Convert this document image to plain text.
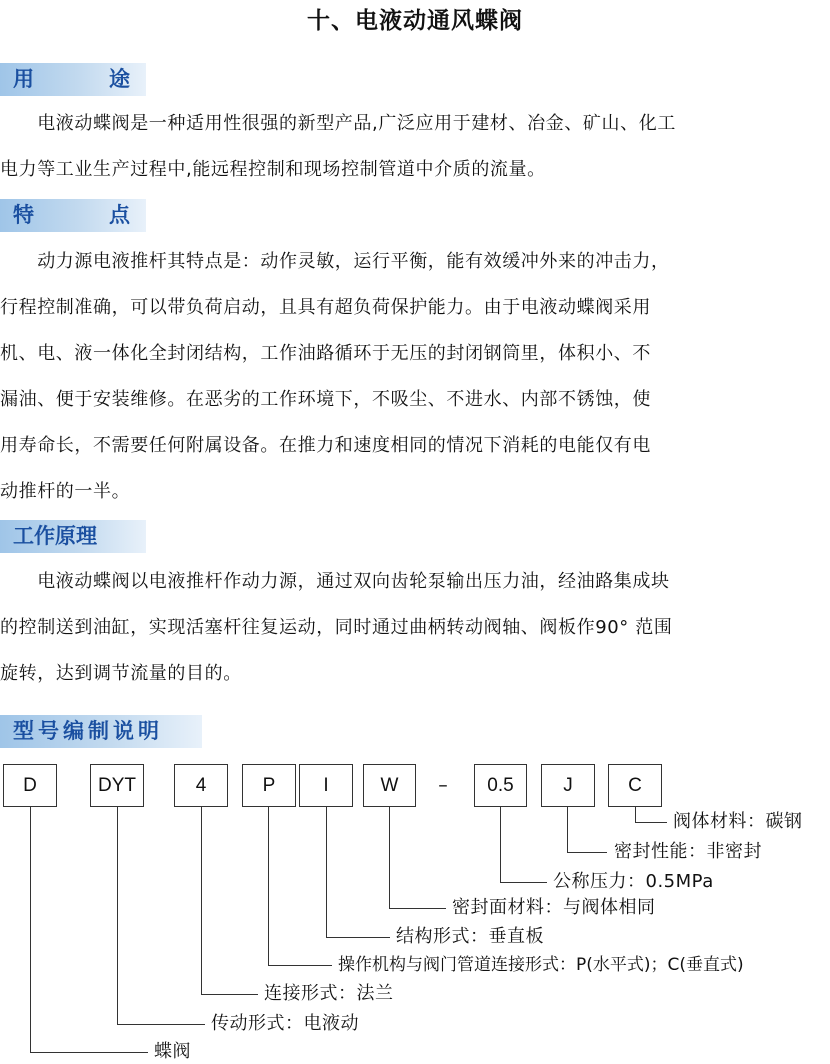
十、电液动通风蝶阀
用	途
　　电液动蝶阀是一种适用性很强的新型产品,广泛应用于建材、冶金、矿山、化工
电力等工业生产过程中,能远程控制和现场控制管道中介质的流量。
特	点
　　动力源电液推杆其特点是：动作灵敏，运行平衡，能有效缓冲外来的冲击力，
行程控制准确，可以带负荷启动，且具有超负荷保护能力。由于电液动蝶阀采用
机、电、液一体化全封闭结构，工作油路循环于无压的封闭钢筒里，体积小、不
漏油、便于安装维修。在恶劣的工作环境下，不吸尘、不进水、内部不锈蚀，使
用寿命长，不需要任何附属设备。在推力和速度相同的情况下消耗的电能仅有电
动推杆的一半。
工作原理
　　电液动蝶阀以电液推杆作动力源，通过双向齿轮泵输出压力油，经油路集成块
的控制送到油缸，实现活塞杆往复运动，同时通过曲柄转动阀轴、阀板作90° 范围
旋转，达到调节流量的目的。
型号编制说明
D	DYT	4	P	I	W	–	0.5	J	C
阀体材料：碳钢
密封性能：非密封
公称压力：0.5MPa
密封面材料：与阀体相同
结构形式：垂直板
操作机构与阀门管道连接形式：P(水平式)；C(垂直式)
连接形式：法兰
传动形式：电液动
蝶阀
